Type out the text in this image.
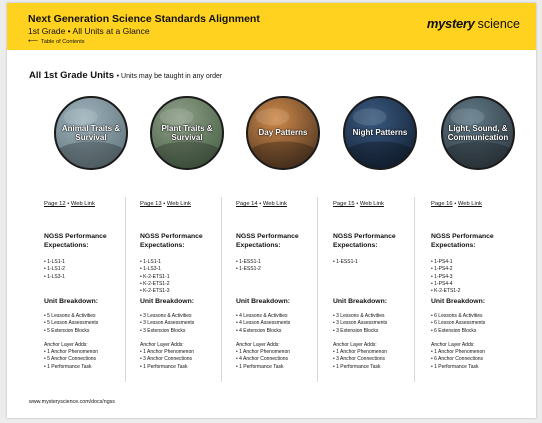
Next Generation Science Standards Alignment
1st Grade • All Units at a Glance
⟵ Table of Contents
mystery science
All 1st Grade Units • Units may be taught in any order
Animal Traits & Survival
Page 12 • Web Link
NGSS Performance Expectations:
• 1-LS1-1
• 1-LS1-2
• 1-LS3-1
Unit Breakdown:
• 5 Lessons & Activities
• 5 Lesson Assessments
• 5 Extension Blocks
Anchor Layer Adds:
• 1 Anchor Phenomenon
• 5 Anchor Connections
• 1 Performance Task
Plant Traits & Survival
Page 13 • Web Link
NGSS Performance Expectations:
• 1-LS1-1
• 1-LS3-1
• K-2-ETS1-1
• K-2-ETS1-2
• K-2-ETS1-3
Unit Breakdown:
• 3 Lessons & Activities
• 3 Lesson Assessments
• 3 Extension Blocks
Anchor Layer Adds:
• 1 Anchor Phenomenon
• 3 Anchor Connections
• 1 Performance Task
Day Patterns
Page 14 • Web Link
NGSS Performance Expectations:
• 1-ESS1-1
• 1-ESS1-2
Unit Breakdown:
• 4 Lessons & Activities
• 4 Lesson Assessments
• 4 Extension Blocks
Anchor Layer Adds:
• 1 Anchor Phenomenon
• 4 Anchor Connections
• 1 Performance Task
Night Patterns
Page 15 • Web Link
NGSS Performance Expectations:
• 1-ESS1-1
Unit Breakdown:
• 3 Lessons & Activities
• 3 Lesson Assessments
• 3 Extension Blocks
Anchor Layer Adds:
• 1 Anchor Phenomenon
• 3 Anchor Connections
• 1 Performance Task
Light, Sound, & Communication
Page 16 • Web Link
NGSS Performance Expectations:
• 1-PS4-1
• 1-PS4-2
• 1-PS4-3
• 1-PS4-4
• K-2-ETS1-2
Unit Breakdown:
• 6 Lessons & Activities
• 6 Lesson Assessments
• 6 Extension Blocks
Anchor Layer Adds:
• 1 Anchor Phenomenon
• 6 Anchor Connections
• 1 Performance Task
www.mysteryscience.com/docs/ngss
